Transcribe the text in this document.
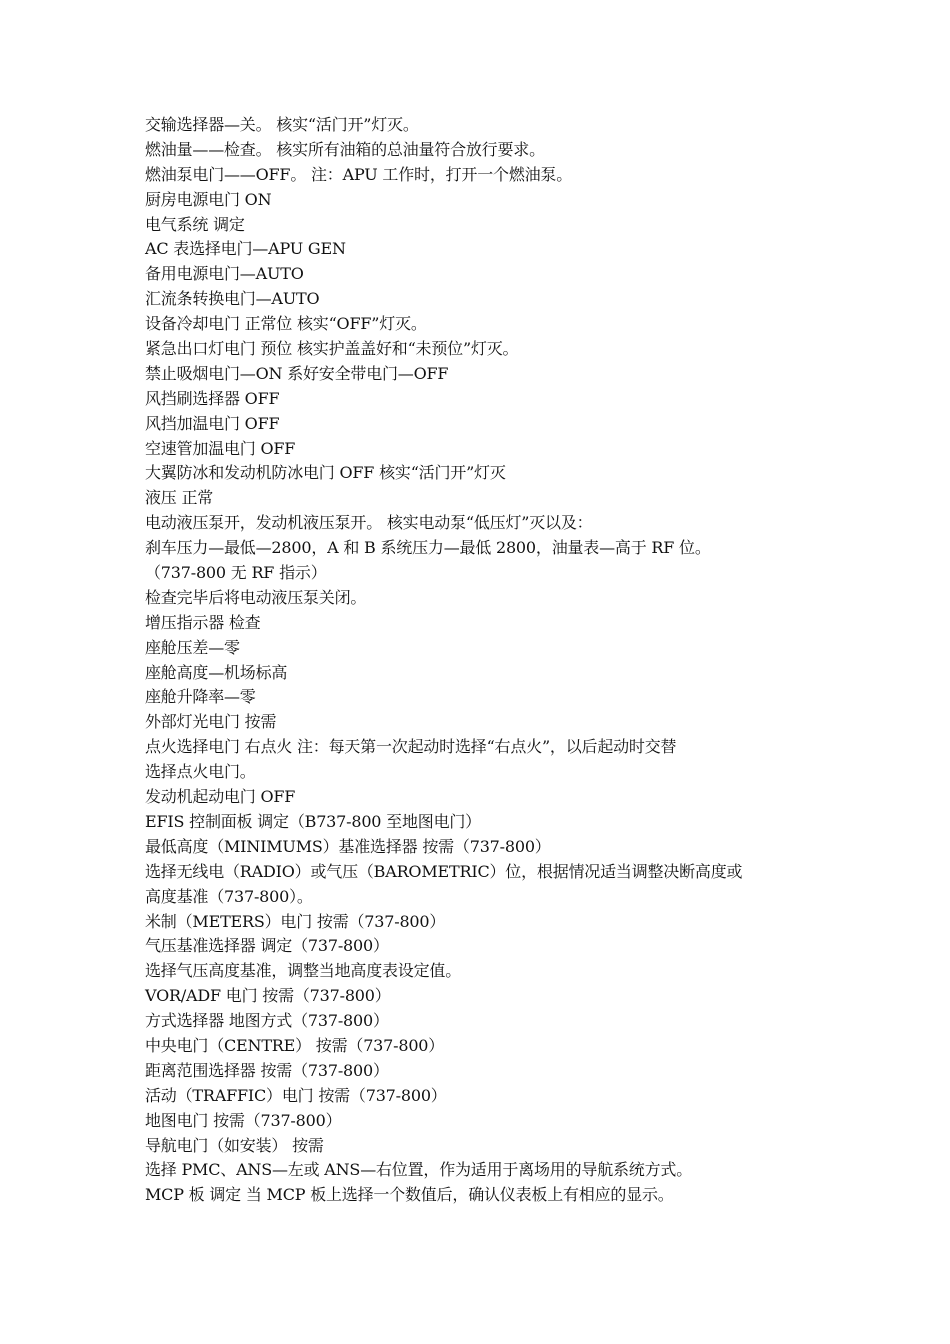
交输选择器—关。 核实“活门开”灯灭。
燃油量——检查。 核实所有油箱的总油量符合放行要求。
燃油泵电门——OFF。 注：APU 工作时，打开一个燃油泵。
厨房电源电门 ON
电气系统 调定
AC 表选择电门—APU GEN
备用电源电门—AUTO
汇流条转换电门—AUTO
设备冷却电门 正常位 核实“OFF”灯灭。
紧急出口灯电门 预位 核实护盖盖好和“未预位”灯灭。
禁止吸烟电门—ON 系好安全带电门—OFF
风挡刷选择器 OFF
风挡加温电门 OFF
空速管加温电门 OFF
大翼防冰和发动机防冰电门 OFF 核实“活门开”灯灭
液压 正常
电动液压泵开，发动机液压泵开。 核实电动泵“低压灯”灭以及：
刹车压力—最低—2800，A 和 B 系统压力—最低 2800，油量表—高于 RF 位。
（737-800 无 RF 指示）
检查完毕后将电动液压泵关闭。
增压指示器 检查
座舱压差—零
座舱高度—机场标高
座舱升降率—零
外部灯光电门 按需
点火选择电门 右点火 注：每天第一次起动时选择“右点火”，以后起动时交替
选择点火电门。
发动机起动电门 OFF
EFIS 控制面板 调定（B737-800 至地图电门）
最低高度（MINIMUMS）基准选择器 按需（737-800）
选择无线电（RADIO）或气压（BAROMETRIC）位，根据情况适当调整决断高度或
高度基准（737-800）。
米制（METERS）电门 按需（737-800）
气压基准选择器 调定（737-800）
选择气压高度基准，调整当地高度表设定值。
VOR/ADF 电门 按需（737-800）
方式选择器 地图方式（737-800）
中央电门（CENTRE） 按需（737-800）
距离范围选择器 按需（737-800）
活动（TRAFFIC）电门 按需（737-800）
地图电门 按需（737-800）
导航电门（如安装） 按需
选择 PMC、ANS—左或 ANS—右位置，作为适用于离场用的导航系统方式。
MCP 板 调定 当 MCP 板上选择一个数值后，确认仪表板上有相应的显示。
